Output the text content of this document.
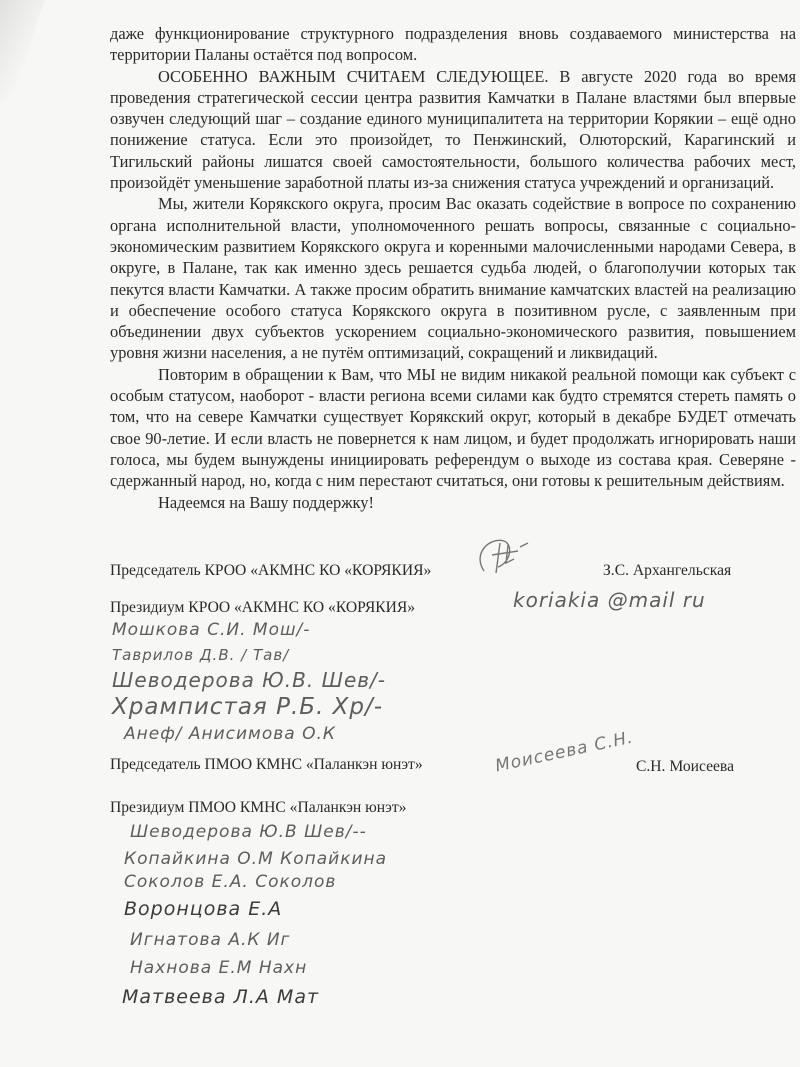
даже функционирование структурного подразделения вновь создаваемого министерства на территории Паланы остаётся под вопросом.

ОСОБЕННО ВАЖНЫМ СЧИТАЕМ СЛЕДУЮЩЕЕ. В августе 2020 года во время проведения стратегической сессии центра развития Камчатки в Палане властями был впервые озвучен следующий шаг – создание единого муниципалитета на территории Корякии – ещё одно понижение статуса. Если это произойдет, то Пенжинский, Олюторский, Карагинский и Тигильский районы лишатся своей самостоятельности, большого количества рабочих мест, произойдёт уменьшение заработной платы из-за снижения статуса учреждений и организаций.

Мы, жители Корякского округа, просим Вас оказать содействие в вопросе по сохранению органа исполнительной власти, уполномоченного решать вопросы, связанные с социально-экономическим развитием Корякского округа и коренными малочисленными народами Севера, в округе, в Палане, так как именно здесь решается судьба людей, о благополучии которых так пекутся власти Камчатки. А также просим обратить внимание камчатских властей на реализацию и обеспечение особого статуса Корякского округа в позитивном русле, с заявленным при объединении двух субъектов ускорением социально-экономического развития, повышением уровня жизни населения, а не путём оптимизаций, сокращений и ликвидаций.

Повторим в обращении к Вам, что МЫ не видим никакой реальной помощи как субъект с особым статусом, наоборот - власти региона всеми силами как будто стремятся стереть память о том, что на севере Камчатки существует Корякский округ, который в декабре БУДЕТ отмечать свое 90-летие. И если власть не повернется к нам лицом, и будет продолжать игнорировать наши голоса, мы будем вынуждены инициировать референдум о выходе из состава края. Северяне - сдержанный народ, но, когда с ним перестают считаться, они готовы к решительным действиям.

Надеемся на Вашу поддержку!

Председатель КРОО «АКМНС КО «КОРЯКИЯ»	З.С. Архангельская
Президиум КРОО «АКМНС КО «КОРЯКИЯ»	koriakia @mail ru
Мошкова С.И. Мош/-
Таврилов Д.В. / Тав/
Шеводерова Ю.В. Шев/-
Хрампистая Р.Б. Хр/-
Анеф/ Анисимова О.К
Председатель ПМОО КМНС «Паланкэн юнэт»	Моисеева С.Н. С.Н. Моисеева
Президиум ПМОО КМНС «Паланкэн юнэт»
Шеводерова Ю.В Шев/--
Копайкина О.М Копайкина
Соколов Е.А. Соколов
Воронцова Е.А
Игнатова А.К Иг
Нахнова Е.М Нахн
Матвеева Л.А Мат
